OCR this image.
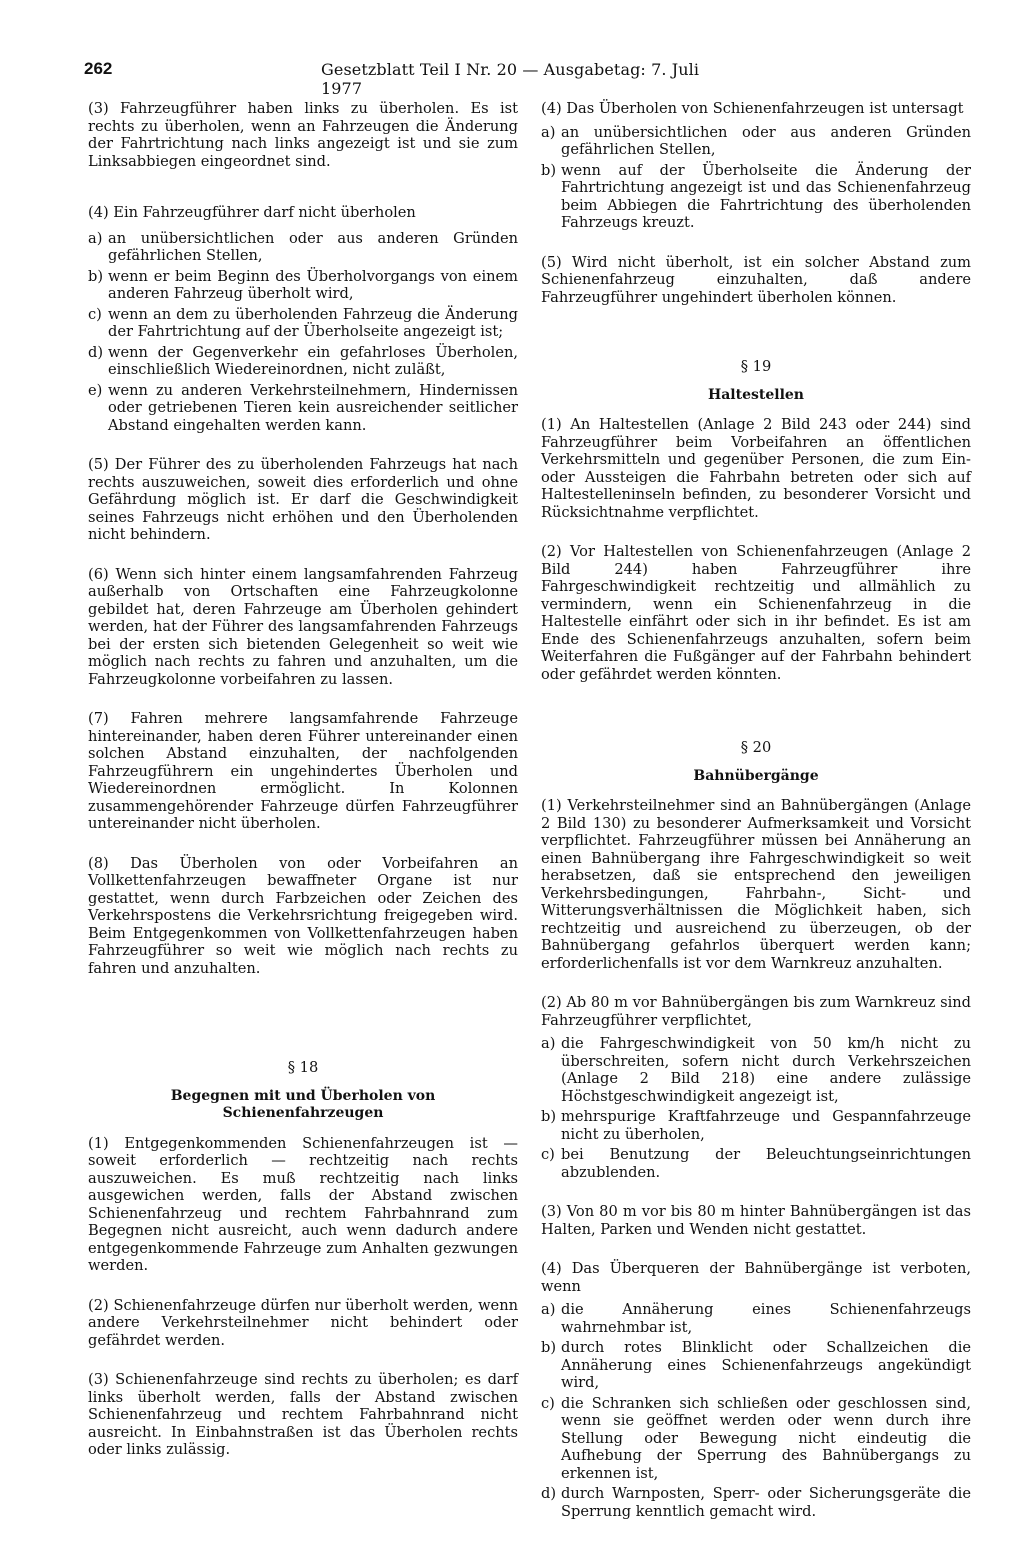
262	Gesetzblatt Teil I Nr. 20 — Ausgabetag: 7. Juli 1977

(3) Fahrzeugführer haben links zu überholen. Es ist rechts zu überholen, wenn an Fahrzeugen die Änderung der Fahrtrichtung nach links angezeigt ist und sie zum Linksabbiegen eingeordnet sind.

(4) Ein Fahrzeugführer darf nicht überholen

a) an unübersichtlichen oder aus anderen Gründen gefährlichen Stellen,
b) wenn er beim Beginn des Überholvorgangs von einem anderen Fahrzeug überholt wird,
c) wenn an dem zu überholenden Fahrzeug die Änderung der Fahrtrichtung auf der Überholseite angezeigt ist;
d) wenn der Gegenverkehr ein gefahrloses Überholen, einschließlich Wiedereinordnen, nicht zuläßt,
e) wenn zu anderen Verkehrsteilnehmern, Hindernissen oder getriebenen Tieren kein ausreichender seitlicher Abstand eingehalten werden kann.

(5) Der Führer des zu überholenden Fahrzeugs hat nach rechts auszuweichen, soweit dies erforderlich und ohne Gefährdung möglich ist. Er darf die Geschwindigkeit seines Fahrzeugs nicht erhöhen und den Überholenden nicht behindern.

(6) Wenn sich hinter einem langsamfahrenden Fahrzeug außerhalb von Ortschaften eine Fahrzeugkolonne gebildet hat, deren Fahrzeuge am Überholen gehindert werden, hat der Führer des langsamfahrenden Fahrzeugs bei der ersten sich bietenden Gelegenheit so weit wie möglich nach rechts zu fahren und anzuhalten, um die Fahrzeugkolonne vorbeifahren zu lassen.

(7) Fahren mehrere langsamfahrende Fahrzeuge hintereinander, haben deren Führer untereinander einen solchen Abstand einzuhalten, der nachfolgenden Fahrzeugführern ein ungehindertes Überholen und Wiedereinordnen ermöglicht. In Kolonnen zusammengehörender Fahrzeuge dürfen Fahrzeugführer untereinander nicht überholen.

(8) Das Überholen von oder Vorbeifahren an Vollkettenfahrzeugen bewaffneter Organe ist nur gestattet, wenn durch Farbzeichen oder Zeichen des Verkehrspostens die Verkehrsrichtung freigegeben wird. Beim Entgegenkommen von Vollkettenfahrzeugen haben Fahrzeugführer so weit wie möglich nach rechts zu fahren und anzuhalten.

§ 18
Begegnen mit und Überholen von Schienenfahrzeugen

(1) Entgegenkommenden Schienenfahrzeugen ist — soweit erforderlich — rechtzeitig nach rechts auszuweichen. Es muß rechtzeitig nach links ausgewichen werden, falls der Abstand zwischen Schienenfahrzeug und rechtem Fahrbahnrand zum Begegnen nicht ausreicht, auch wenn dadurch andere entgegenkommende Fahrzeuge zum Anhalten gezwungen werden.

(2) Schienenfahrzeuge dürfen nur überholt werden, wenn andere Verkehrsteilnehmer nicht behindert oder gefährdet werden.

(3) Schienenfahrzeuge sind rechts zu überholen; es darf links überholt werden, falls der Abstand zwischen Schienenfahrzeug und rechtem Fahrbahnrand nicht ausreicht. In Einbahnstraßen ist das Überholen rechts oder links zulässig.

(4) Das Überholen von Schienenfahrzeugen ist untersagt

a) an unübersichtlichen oder aus anderen Gründen gefährlichen Stellen,
b) wenn auf der Überholseite die Änderung der Fahrtrichtung angezeigt ist und das Schienenfahrzeug beim Abbiegen die Fahrtrichtung des überholenden Fahrzeugs kreuzt.

(5) Wird nicht überholt, ist ein solcher Abstand zum Schienenfahrzeug einzuhalten, daß andere Fahrzeugführer ungehindert überholen können.

§ 19
Haltestellen

(1) An Haltestellen (Anlage 2 Bild 243 oder 244) sind Fahrzeugführer beim Vorbeifahren an öffentlichen Verkehrsmitteln und gegenüber Personen, die zum Ein- oder Aussteigen die Fahrbahn betreten oder sich auf Haltestelleninseln befinden, zu besonderer Vorsicht und Rücksichtnahme verpflichtet.

(2) Vor Haltestellen von Schienenfahrzeugen (Anlage 2 Bild 244) haben Fahrzeugführer ihre Fahrgeschwindigkeit rechtzeitig und allmählich zu vermindern, wenn ein Schienenfahrzeug in die Haltestelle einfährt oder sich in ihr befindet. Es ist am Ende des Schienenfahrzeugs anzuhalten, sofern beim Weiterfahren die Fußgänger auf der Fahrbahn behindert oder gefährdet werden könnten.

§ 20
Bahnübergänge

(1) Verkehrsteilnehmer sind an Bahnübergängen (Anlage 2 Bild 130) zu besonderer Aufmerksamkeit und Vorsicht verpflichtet. Fahrzeugführer müssen bei Annäherung an einen Bahnübergang ihre Fahrgeschwindigkeit so weit herabsetzen, daß sie entsprechend den jeweiligen Verkehrsbedingungen, Fahrbahn-, Sicht- und Witterungsverhältnissen die Möglichkeit haben, sich rechtzeitig und ausreichend zu überzeugen, ob der Bahnübergang gefahrlos überquert werden kann; erforderlichenfalls ist vor dem Warnkreuz anzuhalten.

(2) Ab 80 m vor Bahnübergängen bis zum Warnkreuz sind Fahrzeugführer verpflichtet,

a) die Fahrgeschwindigkeit von 50 km/h nicht zu überschreiten, sofern nicht durch Verkehrszeichen (Anlage 2 Bild 218) eine andere zulässige Höchstgeschwindigkeit angezeigt ist,
b) mehrspurige Kraftfahrzeuge und Gespannfahrzeuge nicht zu überholen,
c) bei Benutzung der Beleuchtungseinrichtungen abzublenden.

(3) Von 80 m vor bis 80 m hinter Bahnübergängen ist das Halten, Parken und Wenden nicht gestattet.

(4) Das Überqueren der Bahnübergänge ist verboten, wenn

a) die Annäherung eines Schienenfahrzeugs wahrnehmbar ist,
b) durch rotes Blinklicht oder Schallzeichen die Annäherung eines Schienenfahrzeugs angekündigt wird,
c) die Schranken sich schließen oder geschlossen sind, wenn sie geöffnet werden oder wenn durch ihre Stellung oder Bewegung nicht eindeutig die Aufhebung der Sperrung des Bahnübergangs zu erkennen ist,
d) durch Warnposten, Sperr- oder Sicherungsgeräte die Sperrung kenntlich gemacht wird.
